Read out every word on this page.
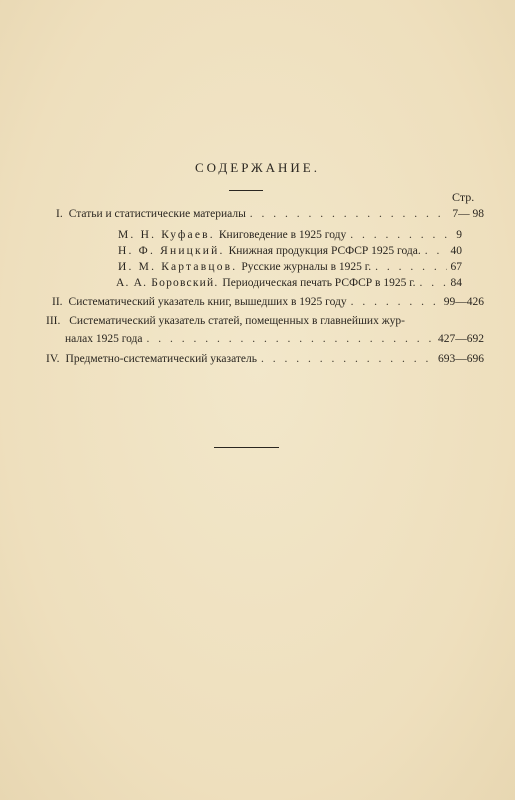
СОДЕРЖАНИЕ.
Стр.
I. Статьи и статистические материалы . . .	7— 98
М. Н. Куфаев. Книговедение в 1925 году . . .	9
Н. Ф. Яницкий. Книжная продукция РСФСР 1925 года. . . .	40
И. М. Картавцов. Русские журналы в 1925 г. . . .	67
А. А. Боровский. Периодическая печать РСФСР в 1925 г. . . .	84
II. Систематический указатель книг, вышедших в 1925 году . . .	99—426
III. Систематический указатель статей, помещенных в главнейших жур-
налах 1925 года . . .	427—692
IV. Предметно-систематический указатель . . .	693—696
